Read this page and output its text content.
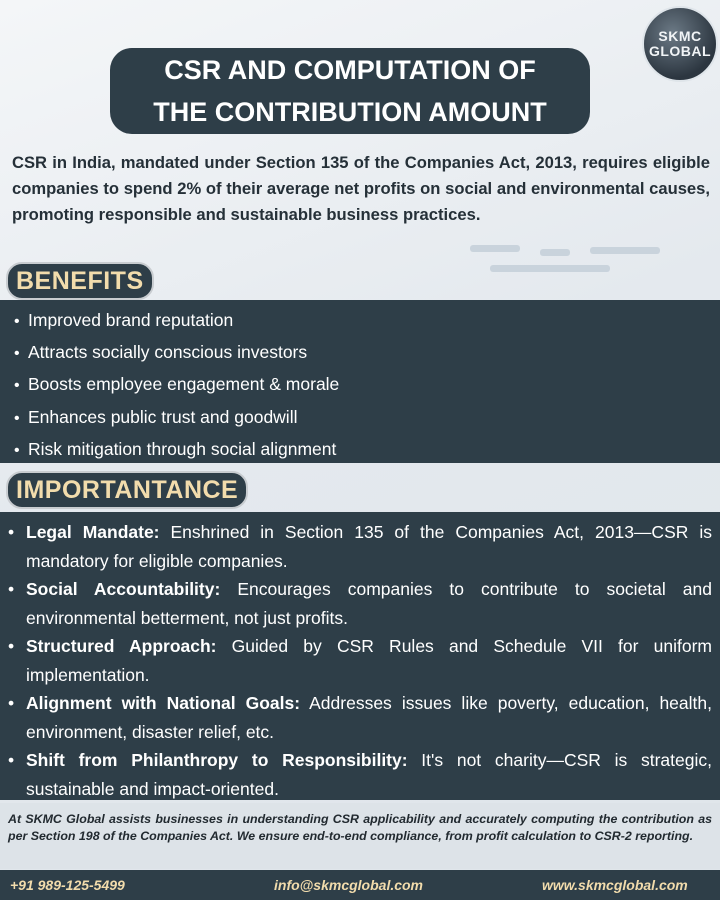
SKMC
GLOBAL
CSR AND COMPUTATION OF
THE CONTRIBUTION AMOUNT

CSR in India, mandated under Section 135 of the Companies Act, 2013, requires eligible companies to spend 2% of their average net profits on social and environmental causes, promoting responsible and sustainable business practices.

BENEFITS
• Improved brand reputation
• Attracts socially conscious investors
• Boosts employee engagement & morale
• Enhances public trust and goodwill
• Risk mitigation through social alignment
IMPORTANTANCE
• Legal Mandate: Enshrined in Section 135 of the Companies Act, 2013—CSR is mandatory for eligible companies.
• Social Accountability: Encourages companies to contribute to societal and environmental betterment, not just profits.
• Structured Approach: Guided by CSR Rules and Schedule VII for uniform implementation.
• Alignment with National Goals: Addresses issues like poverty, education, health, environment, disaster relief, etc.
• Shift from Philanthropy to Responsibility: It's not charity—CSR is strategic, sustainable and impact-oriented.

At SKMC Global assists businesses in understanding CSR applicability and accurately computing the contribution as per Section 198 of the Companies Act. We ensure end-to-end compliance, from profit calculation to CSR-2 reporting.

+91 989-125-5499	info@skmcglobal.com	www.skmcglobal.com
